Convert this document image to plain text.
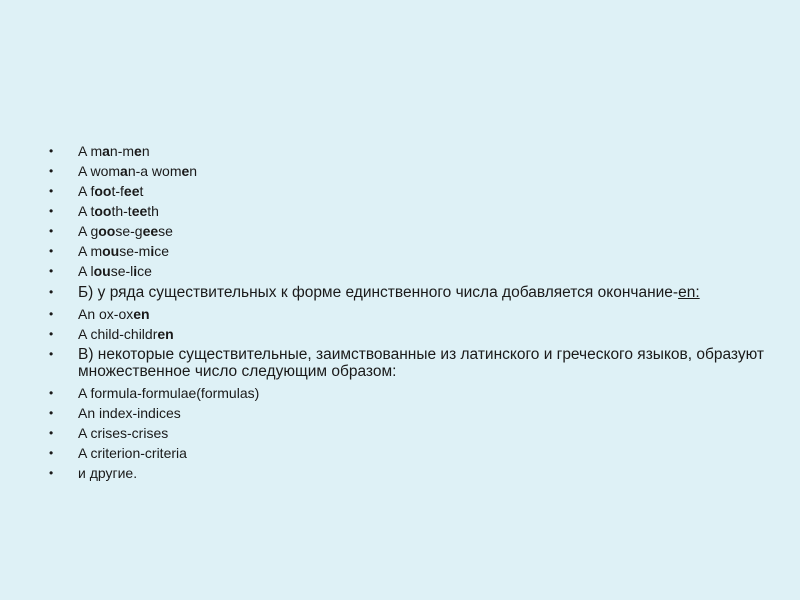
• A man-men
• A woman-a women
• A foot-feet
• A tooth-teeth
• A goose-geese
• A mouse-mice
• A louse-lice
• Б) у ряда существительных к форме единственного числа добавляется окончание-en:
• An ox-oxen
• A child-children
• В) некоторые существительные, заимствованные из латинского и греческого языков, образуют множественное число следующим образом:
• A formula-formulae(formulas)
• An index-indices
• A crises-crises
• A criterion-criteria
• и другие.
